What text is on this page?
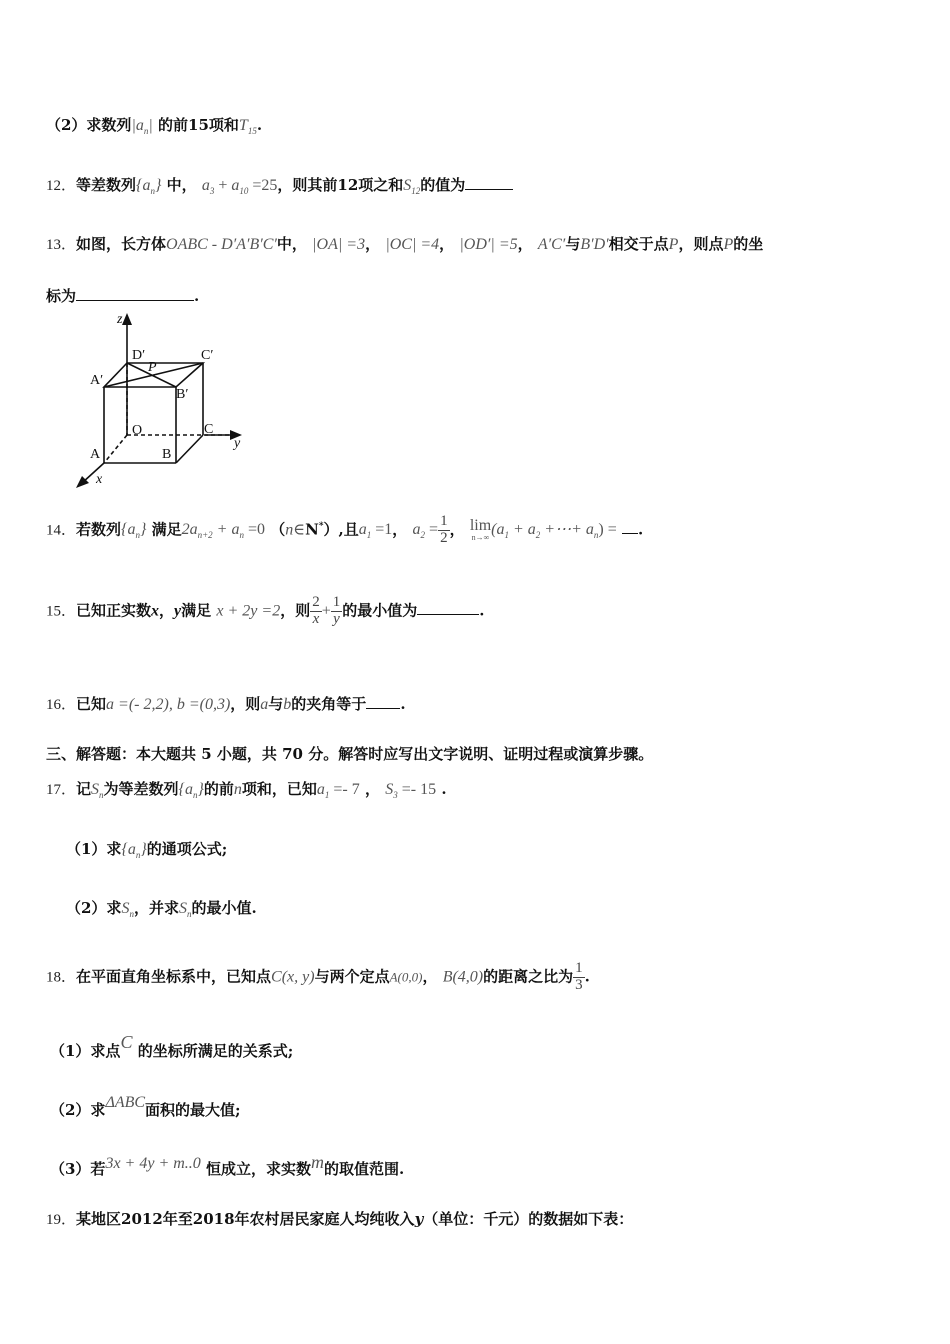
（2）求数列$|a_n|$ 的前15项和$T_{15}$.
12．等差数列$\{a_n\}$ 中， $a_3 + a_{10} =25$，则其前12项之和$S_{12}$的值为
13．如图，长方体OABC - D′A′B′C′中， |OA| =3， |OC| =4， |OD′| =5， A′C′与B′D′相交于点P，则点P的坐
标为	.
z
y
x
D′	C′
P
A′
B′
O	C
A	B
14．若数列$\{a_n\}$ 满足$2a_{n+2} + a_n =0$ （n∈N*）,且$a_1 =1$， $a_2 = \frac{1}{2}$ ， lim
n→∞ ($a_1 + a_2$ +⋯+ $a_n$) = .
15．已知正实数x，y满足 x + 2y =2，则 $\frac{2}{x} + \frac{1}{y}$ 的最小值为	.
16．已知a =(- 2,2), b =(0,3)，则a与b的夹角等于 .
三、解答题：本大题共 5 小题，共 70 分。解答时应写出文字说明、证明过程或演算步骤。
17．记$S_n$为等差数列$\{a_n\}$的前n项和，已知$a_1 =- 7$ ， $S_3 =- 15$ .
（1）求$\{a_n\}$的通项公式;
（2）求$S_n$，并求$S_n$的最小值.
18．在平面直角坐标系中，已知点C(x, y)与两个定点A(0,0)， B(4,0)的距离之比为 $\frac{1}{3}$ .
（1）求点C 的坐标所满足的关系式;
（2）求ΔABC面积的最大值;
（3）若3x + 4y + m..0 恒成立，求实数m的取值范围.
19．某地区2012年至2018年农村居民家庭人均纯收入y（单位：千元）的数据如下表：
